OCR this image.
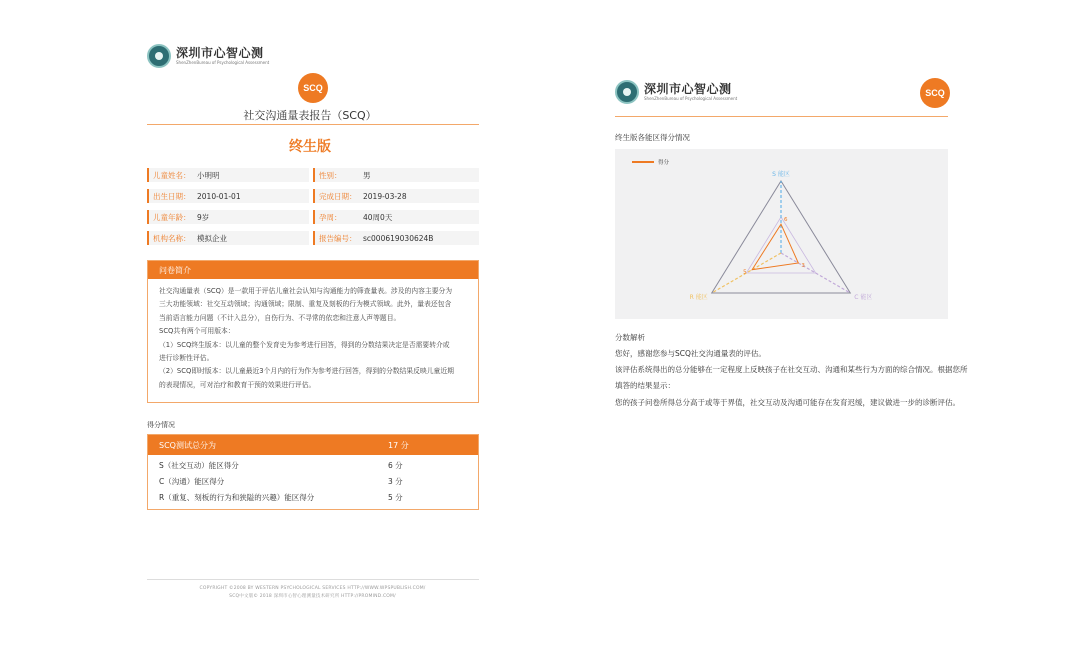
深圳市心智心测
ShenZhenBureau of Psychological Assessment
SCQ
社交沟通量表报告（SCQ）
终生版
儿童姓名： 小明明	性别：	男
出生日期： 2010-01-01	完成日期： 2019-03-28
儿童年龄： 9岁	孕周：	40周0天
机构名称： 模拟企业	报告编号： sc000619030624B
问卷简介
社交沟通量表（SCQ）是一款用于评估儿童社会认知与沟通能力的筛查量表。涉及的内容主要分为
三大功能领域：社交互动领域；沟通领域；限制、重复及刻板的行为模式领域。此外，量表还包含
当前语言能力问题（不计入总分），自伤行为、不寻常的依恋和注意人声等题目。
SCQ共有两个可用版本：
（1）SCQ终生版本：以儿童的整个发育史为参考进行回答，得到的分数结果决定是否需要转介或
进行诊断性评估。
（2）SCQ即时版本：以儿童最近3个月内的行为作为参考进行回答，得到的分数结果反映儿童近期
的表现情况，可对治疗和教育干预的效果进行评估。
得分情况
SCQ测试总分为	17 分
S（社交互动）能区得分	6 分
C（沟通）能区得分	3 分
R（重复、刻板的行为和狭隘的兴趣）能区得分	5 分
COPYRIGHT ©2008 BY WESTERN PSYCHOLOGICAL SERVICES HTTP://WWW.WPSPUBLISH.COM/
SCQ中文版© 2018 深圳市心智心理测量技术研究所 HTTP://PROMIND.COM/
深圳市心智心测
ShenZhenBureau of Psychological Assessment
SCQ
终生版各能区得分情况
得分
6
3
5
S 能区
C 能区
R 能区
分数解析
您好，感谢您参与SCQ社交沟通量表的评估。
该评估系统得出的总分能够在一定程度上反映孩子在社交互动、沟通和某些行为方面的综合情况。根据您所
填答的结果显示：
您的孩子问卷所得总分高于或等于界值，社交互动及沟通可能存在发育迟缓，建议做进一步的诊断评估。
